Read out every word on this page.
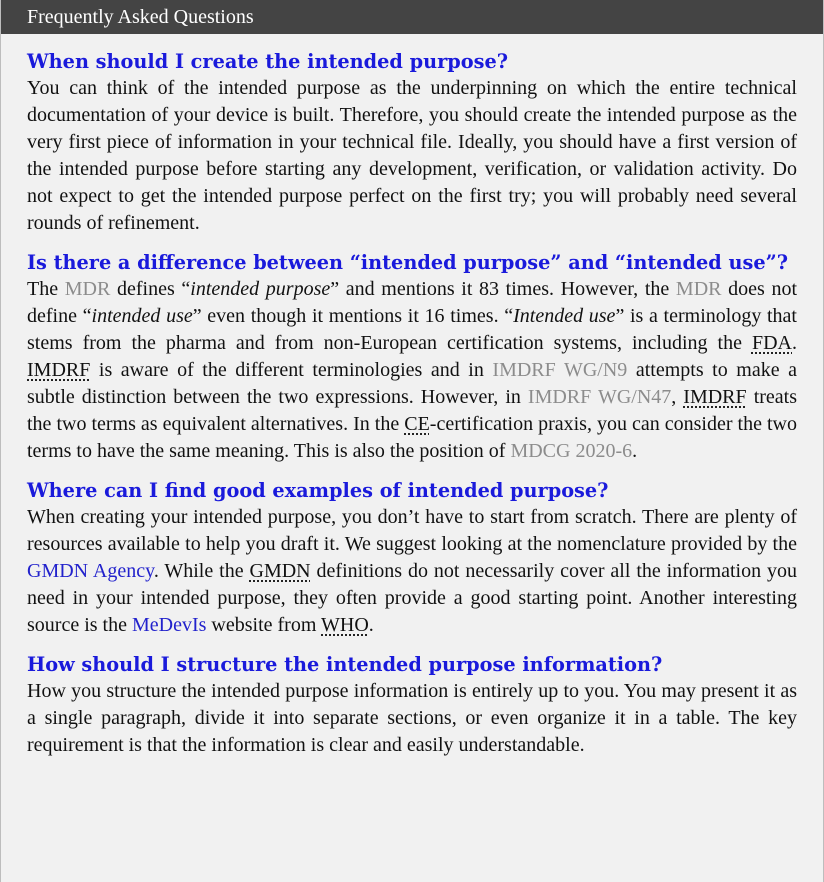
Frequently Asked Questions

When should I create the intended purpose?

You can think of the intended purpose as the underpinning on which the entire technical documentation of your device is built. Therefore, you should create the intended purpose as the very first piece of information in your technical file. Ideally, you should have a first version of the intended purpose before starting any development, verification, or validation activity. Do not expect to get the intended purpose perfect on the first try; you will probably need several rounds of refinement.

Is there a difference between “intended purpose” and “intended use”?

The MDR defines “intended purpose” and mentions it 83 times. However, the MDR does not define “intended use” even though it mentions it 16 times. “Intended use” is a terminology that stems from the pharma and from non-European certification systems, including the FDA. IMDRF is aware of the different terminologies and in IMDRF WG/N9 attempts to make a subtle distinction between the two expressions. However, in IMDRF WG/N47, IMDRF treats the two terms as equivalent alternatives. In the CE-certification praxis, you can consider the two terms to have the same meaning. This is also the position of MDCG 2020-6.

Where can I find good examples of intended purpose?

When creating your intended purpose, you don’t have to start from scratch. There are plenty of resources available to help you draft it. We suggest looking at the nomenclature provided by the GMDN Agency. While the GMDN definitions do not necessarily cover all the information you need in your intended purpose, they often provide a good starting point. Another interesting source is the MeDevIs website from WHO.

How should I structure the intended purpose information?

How you structure the intended purpose information is entirely up to you. You may present it as a single paragraph, divide it into separate sections, or even organize it in a table. The key requirement is that the information is clear and easily understandable.
